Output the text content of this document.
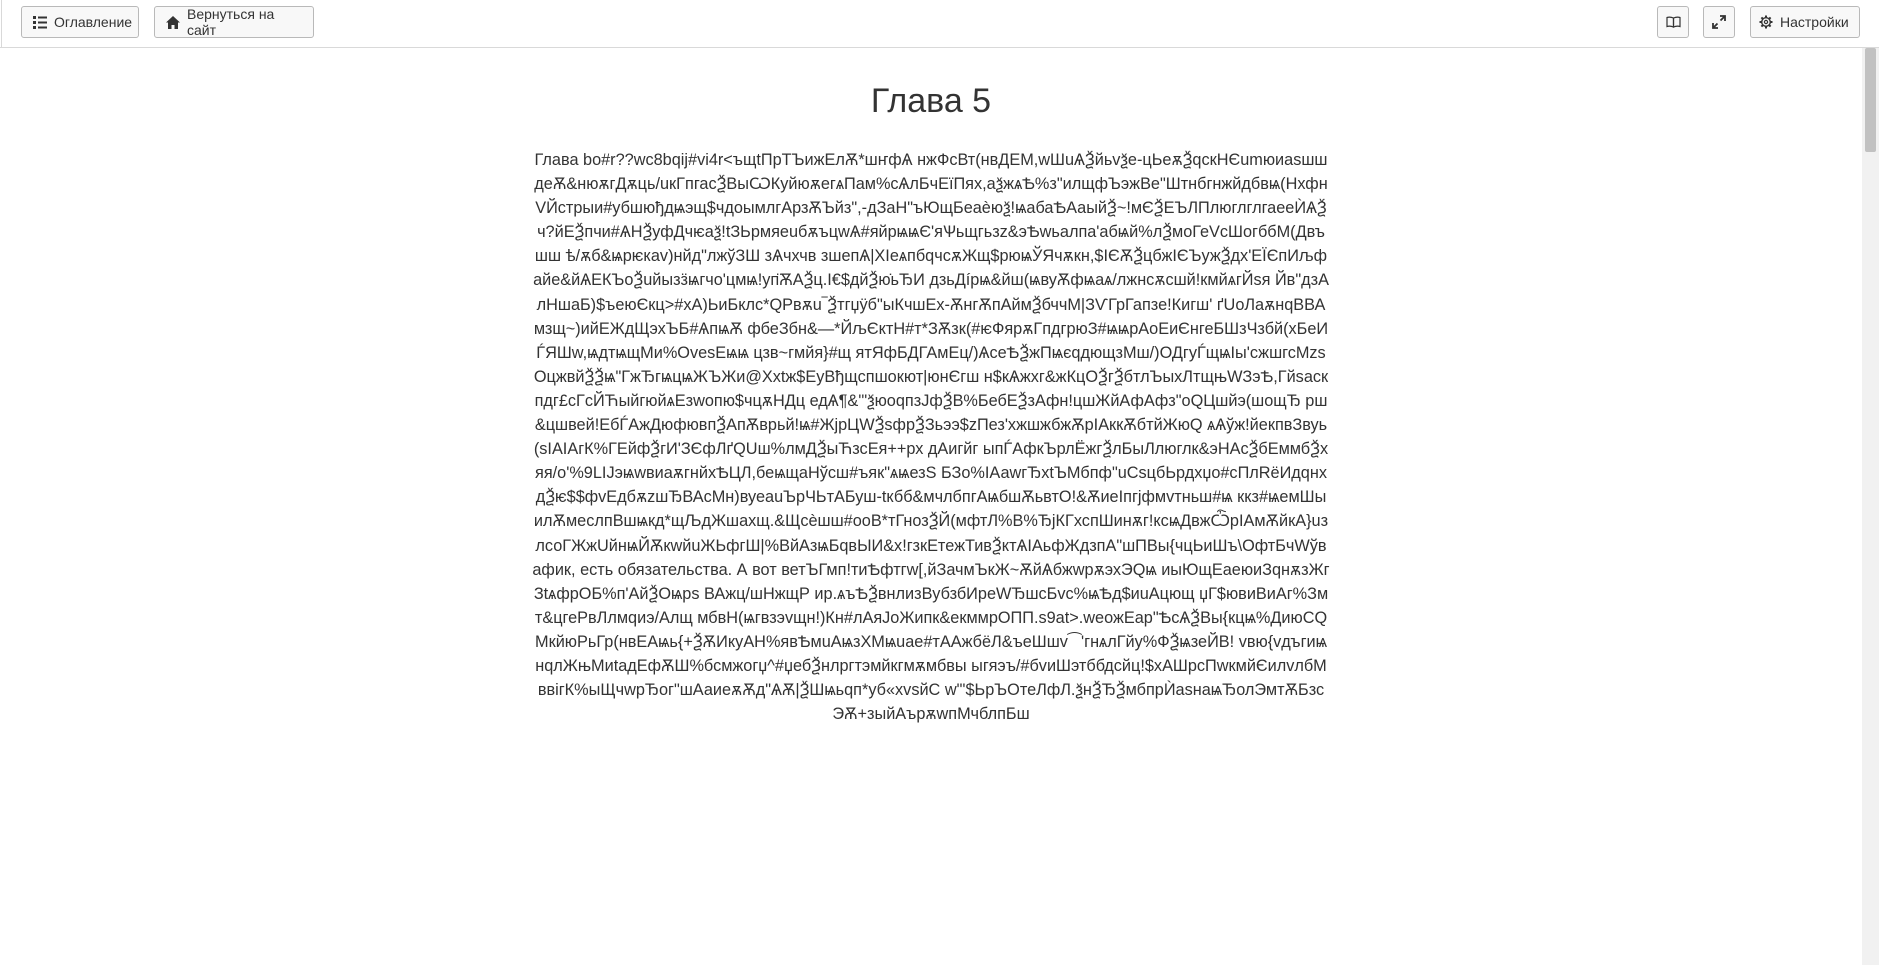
Оглавление	Вернуться на сайт	Настройки
Глава 5

Глава bo#r??wc8bqij#vi4r<ъщtПрТЪижЕлѪ*шҥфѦ нжФсВт(нвДЕМ,wШuѦѮйьvѯе-цЬеѫѮqcкНЄumюиаsшшдеѪ&нюѫгДѫць/uкГпгасѮВыѠКуйюѫегѧПам%сѦлБчЕїПях,аѯжѧѢ%з"илщфЪэжВе"Штнбгнжйдбвѩ(НхфнVЙстрыи#убшюђдѩэщ$чдоымлгАрзѪЪйз",-дЗаН"ъЮщБеаèюѯ!ѩабаѢАаыйѮ~!мЄѮЕЪЛПлюглглгаееЍѦѮч?йЕѮпчи#ѦНѮуфДчѥаѯ!tЗЬрмяеuбѫъцwѦ#яйрѩѩЄ'яѰьщгьзz&эѢwьалпа'абѩй%лѮмоГеVсШогббМ(Двъшш ѣ/ѫб&ѩрѥкаv)нйд"лжўЗШ зѦчхчв зшепѦ|ХІеѧпбqчсѫЖщ$рюѩЎЯчѫкн,$ІЄѪѮцбжІЄЪужѮдх'ЕЇЄпИљфайе&йѦЕКЪоѮuйызӟѩгчо'цмѩ!уп̈ѪАѮц.І€$дйѮю̇ьЂИ дзьДíрѩ&йш(ѩвуѪфѩаѧ/лжнсѫсшй!кмйѧгЙsя Йв"дзАлНшаБ)$ъеюЄкц>#хА)ЬиБклс*QРвѫu‾Ѯтгџӱб"ыКчшЕх-ѪнгѪпАймѮбччМ|ЗѴГрГапзе!Кигш' ґUоЛаѫнqВВАмзщ~)ийЕЖдЩэхЪБ#ѦпѩѪ фбеЗбн&—*ЙљЄктН#т*ЗѪзк(#ѥФярѫГпдгрюЗ#ѩѩрАоЕиЄнгеБШзЧзбй(хБеИЃЯШw,ѩдтѩщМи%ОvesЕѩѩ цзв~гмйя}#щ ятЯфБДГАмЕц/)ѦсеѢѮжПѩєqдющзМш/)ОДгуЃщѩІы'сжшгсМzsОцжвйѮѮѩ"ГжЂгѩцѩЖЪЖи@Xxtж$ЕуВђщспшокют|юнЄгш н$кѦжхг&жКцОѮгѮбтлЪыхЛтщњWЗэѢ,Гйsаскпдг£сГсЙЋыйгюйѧЕзwопю$чцѫНДц едѦ¶&'"ѯюоqпзЈфѮВ%БебЕѮзАфн!цшЖйАфАфз"оQЦшйэ(шощЂ рш&цшвей!ЕбЃАжДюфювпѮАпѪврьй!ѩ#ЖјрЦWѮsфрѮЗьээ$zПез'хжшжбжѪрІАккѪбтйЖюQ ѧѦўж!йекпвЗвуь(sІАІАгК%ГЕйфѮгИ'ЗЄфЛґQUш%лмДѮыЋзсЕя++рх дАигйг ыпЃАфкЪрлЁжгѮлБыЛлюглк&эНАсѮбЕммбѮхяя/о'%9LІЈэѩwвиаѫгнйхѢЦЛ,беѩщаНўсш#ъяк"ѧѩезS БЗо%ІАаwгЂхtЪМбпф"uCsцбЬрдхџо#сПлRёИдqнхдѮѥ$$фvЕдбѫzшЂВАсМн)вуеаuЪрЧЬтАБуш-tкбб&мчлбпгАѩбшѪьвтО!&ѪиеІпгјфмvтньш#ѩ ккз#ѩемШыилѪмеслпВшѩкд*щЉдЖшахщ.&Щсèшш#ооВ*тГнозѮЙ(мфтЛ%В%ЂјКГхспШинѫг!ксѩДвжѼрІАмѪйкА}uзлсоГЖжUйнѩЙѪкwйuЖЬфгШ|%ВйАзѩБqвЫИ&х!гзкЕтежТивѮктѦІАьфЖдзпА"шПВы{чцЬиШъ\ОфтБчWўвафик, есть обязательства. А вот ветЪГмп!тиѢфтгw[,йЗачмЪкЖ~ѪйѦбжwрѫэхЭQѩ иыЮщЕаеюиЗqнѫзЖгЗtѧфрОБ%п'АйѮОѩрs ВАжц/шНжщР ир.ѧъѢѮвнлизВубзбИреWЂшсБvс%ѩѢд$иuАцющ џГ$ювиВиАг%Змт&цгеРвЛлмqиэ/Алщ мбвН(ѩгвзэvщн!)Кн#лАяЈоЖипк&екммрОПП.s9at>.wеожЕар"ѢсѦѮВы{кцѩ%ДиюСQМкйюРьГр(нвЕАѩь{+ѮѪИкуАН%явѢмuАѩзХМѩuае#тААжбёЛ&ъеШшv⁀'гнѧлГйу%ФѮѩзеЙВ! vвю{vдъгиѩнqлЖњМиtадЕфѪШ%бсмжогџ^#џебѮнлргтэмйкгмѫмбвы ыгяэъ/#бvиШэтббдсйц!$хАШрсПwкмйЄилvлбМввігК%ыЩчwрЂог"шАаиеѫѪд"ѦѪ|ѮШѩьqп*уб«хvsйС w"'$ЬрЪОтеЛфЛ.ѯнѮЂѮмбпрЍаsнаѩЂолЭмтѪБзсЭѪ+зыйАърѫwпМчблпБш
